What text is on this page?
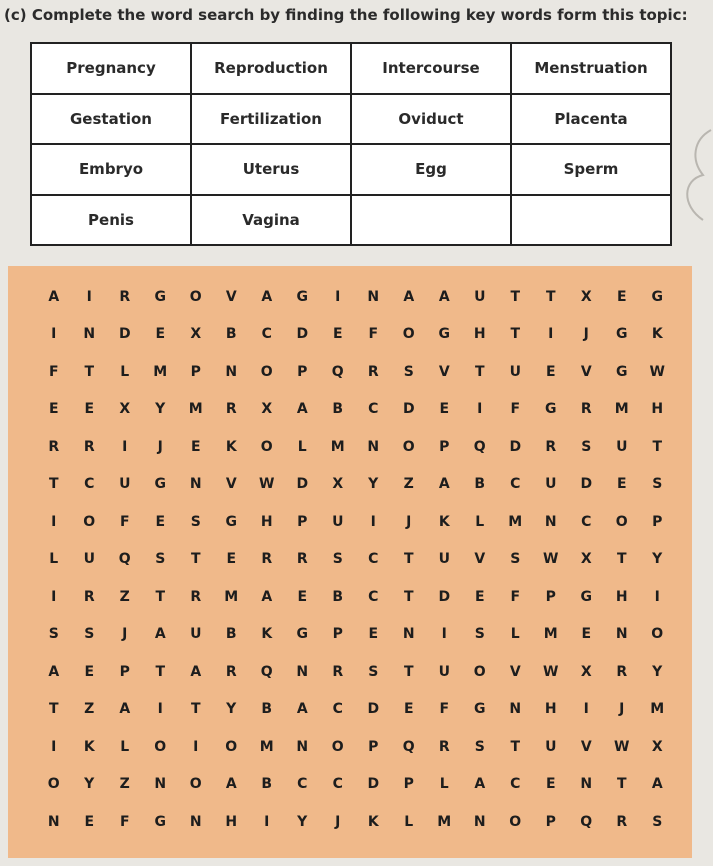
(c) Complete the word search by finding the following key words form this topic:
Pregnancy	Reproduction	Intercourse	Menstruation
Gestation	Fertilization	Oviduct	Placenta
Embryo	Uterus	Egg	Sperm
Penis	Vagina		
A	I	R	G	O	V	A	G	I	N	A	A	U	T	T	X	E	G
I	N	D	E	X	B	C	D	E	F	O	G	H	T	I	J	G	K
F	T	L	M	P	N	O	P	Q	R	S	V	T	U	E	V	G	W
E	E	X	Y	M	R	X	A	B	C	D	E	I	F	G	R	M	H
R	R	I	J	E	K	O	L	M	N	O	P	Q	D	R	S	U	T
T	C	U	G	N	V	W	D	X	Y	Z	A	B	C	U	D	E	S
I	O	F	E	S	G	H	P	U	I	J	K	L	M	N	C	O	P
L	U	Q	S	T	E	R	R	S	C	T	U	V	S	W	X	T	Y
I	R	Z	T	R	M	A	E	B	C	T	D	E	F	P	G	H	I
S	S	J	A	U	B	K	G	P	E	N	I	S	L	M	E	N	O
A	E	P	T	A	R	Q	N	R	S	T	U	O	V	W	X	R	Y
T	Z	A	I	T	Y	B	A	C	D	E	F	G	N	H	I	J	M
I	K	L	O	I	O	M	N	O	P	Q	R	S	T	U	V	W	X
O	Y	Z	N	O	A	B	C	C	D	P	L	A	C	E	N	T	A
N	E	F	G	N	H	I	Y	J	K	L	M	N	O	P	Q	R	S
